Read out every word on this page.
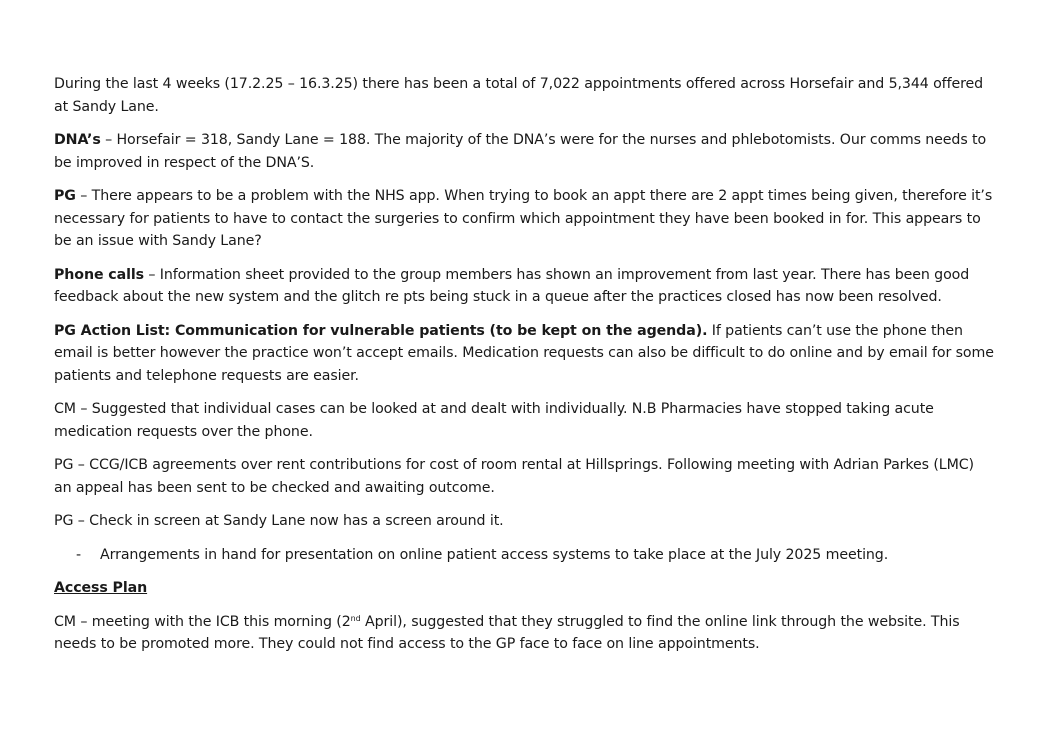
During the last 4 weeks (17.2.25 – 16.3.25) there has been a total of 7,022 appointments offered across Horsefair and 5,344 offered at Sandy Lane.

DNA’s – Horsefair = 318, Sandy Lane = 188. The majority of the DNA’s were for the nurses and phlebotomists. Our comms needs to be improved in respect of the DNA’S.

PG – There appears to be a problem with the NHS app. When trying to book an appt there are 2 appt times being given, therefore it’s necessary for patients to have to contact the surgeries to confirm which appointment they have been booked in for. This appears to be an issue with Sandy Lane?

Phone calls – Information sheet provided to the group members has shown an improvement from last year. There has been good feedback about the new system and the glitch re pts being stuck in a queue after the practices closed has now been resolved.

PG Action List: Communication for vulnerable patients (to be kept on the agenda). If patients can’t use the phone then email is better however the practice won’t accept emails. Medication requests can also be difficult to do online and by email for some patients and telephone requests are easier.

CM – Suggested that individual cases can be looked at and dealt with individually. N.B Pharmacies have stopped taking acute medication requests over the phone.

PG – CCG/ICB agreements over rent contributions for cost of room rental at Hillsprings. Following meeting with Adrian Parkes (LMC) an appeal has been sent to be checked and awaiting outcome.

PG – Check in screen at Sandy Lane now has a screen around it.

-	Arrangements in hand for presentation on online patient access systems to take place at the July 2025 meeting.
Access Plan

CM – meeting with the ICB this morning (2nd April), suggested that they struggled to find the online link through the website. This needs to be promoted more. They could not find access to the GP face to face on line appointments.
